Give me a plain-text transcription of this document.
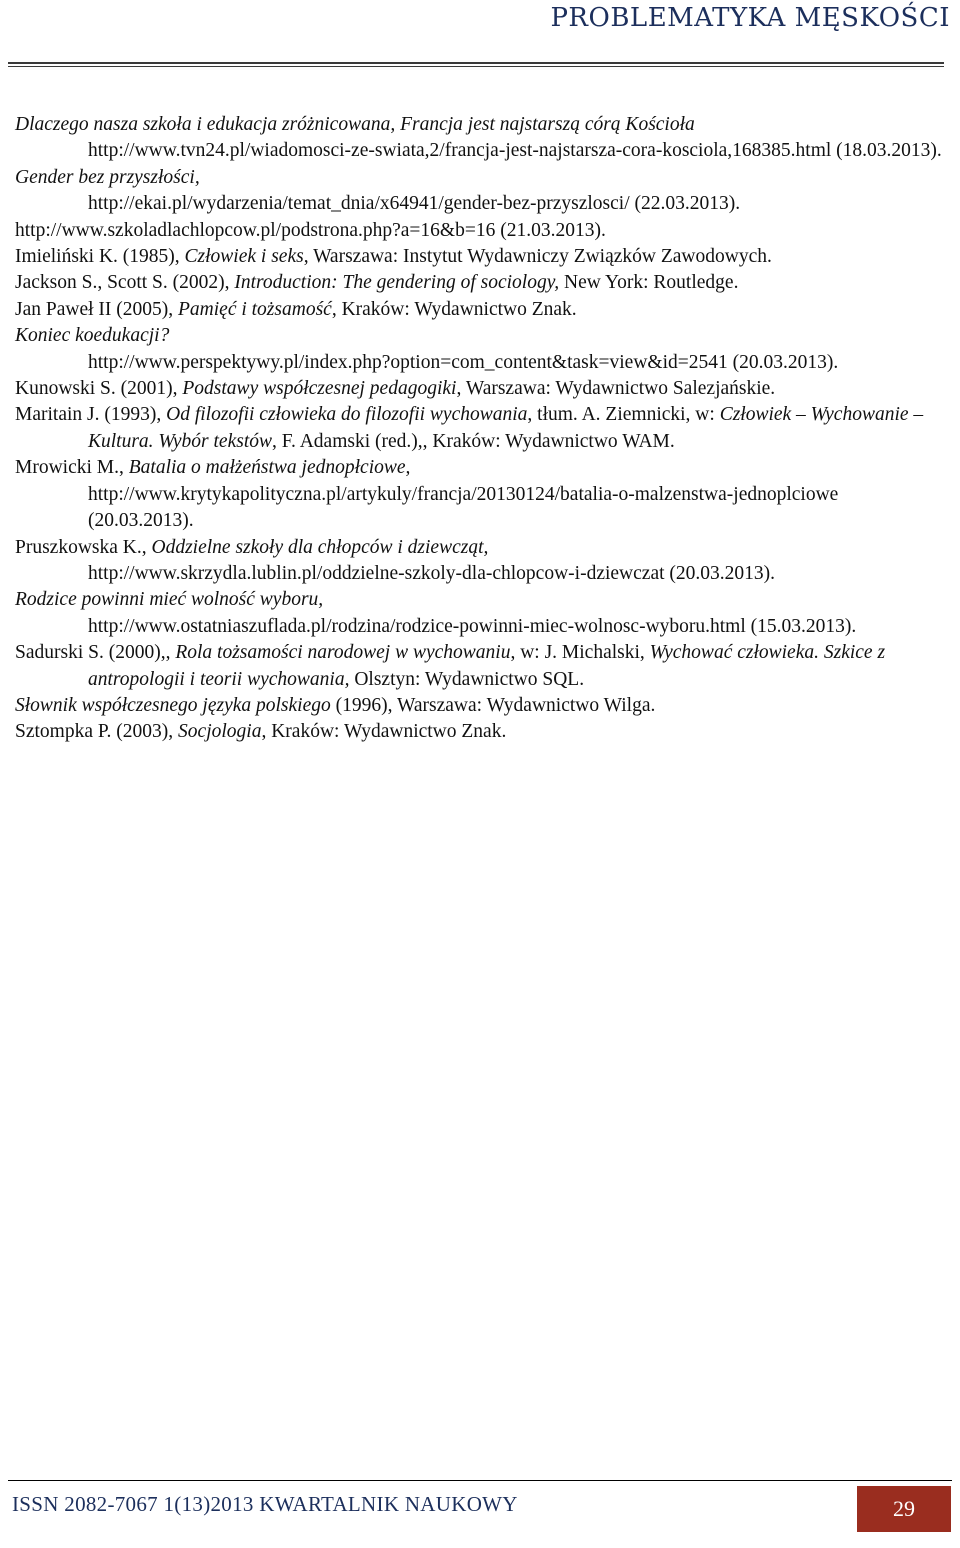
PROBLEMATYKA MĘSKOŚCI
Dlaczego nasza szkoła i edukacja zróżnicowana, Francja jest najstarszą córą Kościoła
http://www.tvn24.pl/wiadomosci-ze-swiata,2/francja-jest-najstarsza-cora-kosciola,168385.html (18.03.2013).
Gender bez przyszłości,
http://ekai.pl/wydarzenia/temat_dnia/x64941/gender-bez-przyszlosci/ (22.03.2013).
http://www.szkoladlachlopcow.pl/podstrona.php?a=16&b=16 (21.03.2013).
Imieliński K. (1985), Człowiek i seks, Warszawa: Instytut Wydawniczy Związków Zawodowych.
Jackson S., Scott S. (2002), Introduction: The gendering of sociology, New York: Routledge.
Jan Paweł II (2005), Pamięć i tożsamość, Kraków: Wydawnictwo Znak.
Koniec koedukacji?
http://www.perspektywy.pl/index.php?option=com_content&task=view&id=2541 (20.03.2013).
Kunowski S. (2001), Podstawy współczesnej pedagogiki, Warszawa: Wydawnictwo Salezjańskie.
Maritain J. (1993), Od filozofii człowieka do filozofii wychowania, tłum. A. Ziemnicki, w: Człowiek – Wychowanie – Kultura. Wybór tekstów, F. Adamski (red.),, Kraków: Wydawnictwo WAM.
Mrowicki M., Batalia o małżeństwa jednopłciowe,
http://www.krytykapolityczna.pl/artykuly/francja/20130124/batalia-o-malzenstwa-jednoplciowe (20.03.2013).
Pruszkowska K., Oddzielne szkoły dla chłopców i dziewcząt,
http://www.skrzydla.lublin.pl/oddzielne-szkoly-dla-chlopcow-i-dziewczat (20.03.2013).
Rodzice powinni mieć wolność wyboru,
http://www.ostatniaszuflada.pl/rodzina/rodzice-powinni-miec-wolnosc-wyboru.html (15.03.2013).
Sadurski S. (2000),, Rola tożsamości narodowej w wychowaniu, w: J. Michalski, Wychować człowieka. Szkice z antropologii i teorii wychowania, Olsztyn: Wydawnictwo SQL.
Słownik współczesnego języka polskiego (1996), Warszawa: Wydawnictwo Wilga.
Sztompka P. (2003), Socjologia, Kraków: Wydawnictwo Znak.
ISSN 2082-7067 1(13)2013 KWARTALNIK NAUKOWY	29
